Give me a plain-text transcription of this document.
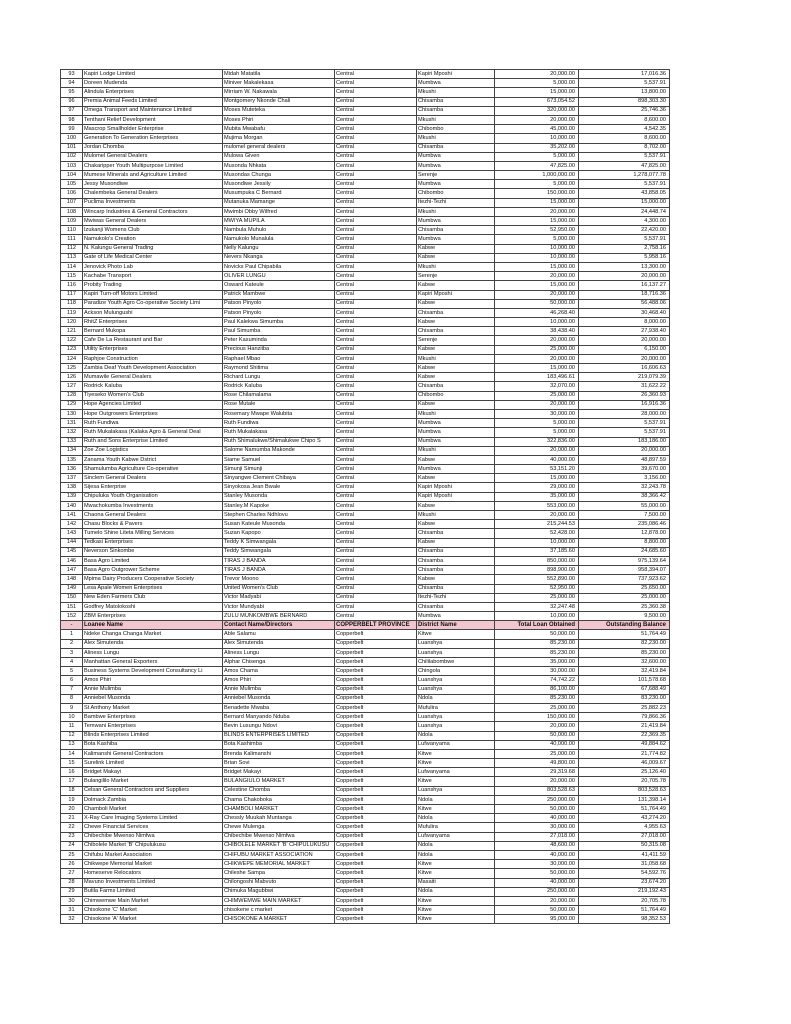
93	Kapiri Lodge Limited	Midah Matatila	Central	Kapiri Mposhi	20,000.00	17,016.36
94	Doreen Mudenda	Miniver Makalekasa	Central	Mumbwa	5,000.00	5,537.91
95	Alindula Enterprises	Mirriam W. Nakawala	Central	Mkushi	15,000.00	13,800.00
96	Premia Animal Feeds Limited	Montgomery Nkonde Chali	Central	Chisamba	673,054.52	898,303.30
97	Omega Transport and Maintenance Limited	Moses Muteteka	Central	Chisamba	320,000.00	25,746.36
98	Tenthani Relief Development	Moses Phiri	Central	Mkushi	20,000.00	8,600.00
99	Mascrop Smallholder Enterprise	Mubita Mwabafu	Central	Chibombo	45,000.00	4,542.35
100	Generation To Generation Enterprises	Mujima Morgan	Central	Mkushi	10,000.00	8,600.00
101	Jordan Chomba	mulomel general dealers	Central	Chisamba	35,202.00	8,702.00
102	Mulomel General Dealers	Mulowa Given	Central	Mumbwa	5,000.00	5,537.91
103	Chakaripper Youth Multipurpose Limited	Musonda Nhkata	Central	Mumbwa	47,825.00	47,825.00
104	Mumese Minerals and Agriculture Limited	Musondas Chunga	Central	Serenje	1,000,000.00	1,278,077.78
105	Jessy Musondiwe	Musondiwe Jessily	Central	Mumbwa	5,000.00	5,537.91
106	Chalembeka General Dealers	Musumpuka C Bernard	Central	Chibombo	150,000.00	43,858.05
107	Puclima Investments	Mutanuka Mamange	Central	Itezhi-Tezhi	15,000.00	15,000.00
108	Wincarp Industries & General Contractors	Mwimbi Obby Wilfred	Central	Mkushi	20,000.00	24,448.74
109	Mwiwas General Dealers	MWIYA MUPILA	Central	Mumbwa	15,000.00	4,300.00
110	Izukanji Womens Club	Nambula Muhulo	Central	Chisamba	52,950.00	22,420.00
111	Namukolo's Creation	Namukolo Munalula	Central	Mumbwa	5,000.00	5,537.91
112	N. Kalungu General Trading	Nelly Kalungu	Central	Kabwe	10,000.00	2,758.16
113	Gate of Life Medical Center	Nevers Nkanga	Central	Kabwe	10,000.00	5,958.16
114	Jenovick Photo Lab	Novicks Paul Chipabila	Central	Mkushi	15,000.00	13,300.00
115	Kachabe Transport	OLIVER LUNGU	Central	Serenje	20,000.00	20,000.00
116	Probity Trading	Osward Kateule	Central	Kabwe	15,000.00	16,137.27
117	Kapiri Turn-off Motors Limited	Patrick Mambwe	Central	Kapiri Mposhi	20,000.00	18,716.36
118	Paradize Youth Agro Co-operative Society Limi	Patson Pinyolo	Central	Kabwe	50,000.00	56,488.06
119	Ackson Mulungushi	Patson Pinyolo	Central	Chisamba	46,268.40	30,468.40
120	RhitZ Enterprises	Paul Kalekwa Simumba	Central	Kabwe	10,000.00	8,000.00
121	Bernard Mukopa	Paul Simumba	Central	Chisamba	38,438.40	27,938.40
122	Cafe De La Restaurant and Bar	Peter Kasuminda	Central	Serenje	20,000.00	20,000.00
123	Utility Enterprises	Precious Hanziiba	Central	Kabwe	25,000.00	6,150.00
124	Raphjoe Construction	Raphael Mbao	Central	Mkushi	20,000.00	20,000.00
125	Zambia Deaf Youth Development Association	Raymond Shitima	Central	Kabwe	15,000.00	16,606.63
126	Mumawile General Dealers	Richard Lungu	Central	Kabwe	183,496.61	219,079.39
127	Rodrick Kaluba	Rodrick Kaluba	Central	Chisamba	32,070.00	31,622.22
128	Tiyeseko Women's Club	Rose Chilamalama	Central	Chibombo	25,000.00	26,360.93
129	Hope Agencies Limited	Rose Mutale	Central	Kabwe	20,000.00	16,916.36
130	Hope Outgrowers Enterprises	Rosemary Mwape Walubita	Central	Mkushi	30,000.00	28,000.00
131	Ruth Fundiwa	Ruth Fundiwa	Central	Mumbwa	5,000.00	5,537.91
132	Ruth Mukalakasa (Kalaka Agro & General Deal	Ruth Mukalakasa	Central	Mumbwa	5,000.00	5,537.91
133	Ruth and Sons Enterprise Limited	Ruth Shimalukwe/Shimalukwe Chipo S	Central	Mumbwa	322,836.00	183,186.00
134	Zoe Zoe Logistics	Salome Namumba Makonde	Central	Mkushi	20,000.00	20,000.00
135	Zanama Youth Kabwe Dstrict	Siame Samuel	Central	Kabwe	40,000.00	48,897.59
136	Shamulumba Agriculture Co-operative	Simunji Simunji	Central	Mumbwa	53,151.20	39,670.00
137	Sinclem General Dealers	Sinyangwe Clement Chibaya	Central	Kabwe	15,000.00	3,156.00
138	Sijesa Enterprise	Sinyokosa Jean Bwale	Central	Kapiri Mposhi	29,000.00	32,243.78
139	Chipuluka Youth Organisation	Stanley Musonda	Central	Kapiri Mposhi	35,000.00	38,366.42
140	Mwachokumba Investments	Stanley.M Kapoke	Central	Kabwe	553,000.00	55,000.00
141	Chaona General Dealers	Stephen Charles Ndhlovu	Central	Mkushi	20,000.00	7,500.00
142	Chasu Blocks & Pavers	Susan Kateule Musonda	Central	Kabwe	215,244.53	235,086.46
143	Tumelo Shine Liteta Milling Services	Suzan Kapopo	Central	Chisamba	52,428.00	12,878.00
144	Tedkasi Enterprises	Teddy K Simwangala	Central	Kabwe	10,000.00	8,800.00
145	Neverson Sinkombe	Teddy Simwangala	Central	Chisamba	37,185.60	24,685.60
146	Basa Agro Limited	TIRAS J BANDA	Central	Chisamba	850,000.00	975,139.64
147	Basa Agro Outgrower Scheme	TIRAS J BANDA	Central	Chisamba	898,900.00	958,394.07
148	Mpima Dairy Producers Cooperative Society	Trevor Moono	Central	Kabwe	552,890.00	737,923.62
149	Lesa Apale Women Enterprises	United Women's Club	Central	Chisamba	52,950.00	25,650.00
150	New Eden Farmers Club	Victor Madyabi	Central	Itezhi-Tezhi	25,000.00	25,000.00
151	Godfrey Matolokoshi	Victor Mundyabi	Central	Chisamba	32,247.48	25,360.38
152	ZBM Enterprises	ZULU MUNKOMBWE BERNARD	Central	Mumbwa	10,000.00	9,500.00
-	Loanee Name	Contact Name/Directors	COPPERBELT PROVINCE	District Name	Total Loan Obtained	Outstanding Balance
1	Ndeke Changa Changa Market	Able Salamu	Copperbelt	Kitwe	50,000.00	51,764.49
2	Alex Simutenda	Alex Simutenda	Copperbelt	Luanshya	85,230.00	82,230.00
3	Aliness Lungu	Aliness Lungu	Copperbelt	Luanshya	85,230.00	85,230.00
4	Manhattan General Exporters	Alphar Chisenga	Copperbelt	Chililabombwe	35,000.00	32,600.00
5	Business Systems Development Consultancy Li	Amos Chama	Copperbelt	Chingola	30,000.00	32,419.84
6	Amos Phiri	Amos Phiri	Copperbelt	Luanshya	74,742.22	101,578.68
7	Annie Mulimba	Annie Mulimba	Copperbelt	Luanshya	86,100.00	67,688.49
8	Anniebel Musonda	Anniebel Musonda	Copperbelt	Ndola	85,230.00	83,230.00
9	St Anthony Market	Benadette Mwaba	Copperbelt	Mufulira	25,000.00	25,882.23
10	Bambwe Enterprises	Bernard Manyando Nduba	Copperbelt	Luanshya	150,000.00	79,866.36
11	Temwani Enterprises	Bevin Lusungu Ndovi	Copperbelt	Luanshya	20,000.00	21,419.84
12	Blinds Enterprises Limited	BLINDS ENTERPRISES LIMITED	Copperbelt	Ndola	50,000.00	22,369.35
13	Bota Kashiba	Bota Kashimba	Copperbelt	Lufwanyama	40,000.00	49,884.62
14	Kalimanshi General Contractors	Brenda Kalimanshi	Copperbelt	Kitwe	25,000.00	21,774.82
15	Surelink Limited	Brian Sovi	Copperbelt	Kitwe	49,800.00	46,009.67
16	Bridget Makayi	Bridget Makayi	Copperbelt	Lufwanyama	29,319.68	25,126.40
17	Bulangililo Market	BULANGIULO MARKET	Copperbelt	Kitwe	20,000.00	20,705.78
18	Celsan General Contractors and Suppliers	Celestine Chomba	Copperbelt	Luanshya	803,528.63	803,528.63
19	Dolmack Zambia	Chama Chakoboka	Copperbelt	Ndola	250,000.00	131,398.14
20	Chamboli Market	CHAMBOLI MARKET	Copperbelt	Kitwe	50,000.00	51,764.49
21	X-Ray Care Imaging Systems Limited	Chessly Muukah Muntanga	Copperbelt	Ndola	40,000.00	43,274.20
22	Chewe Financial Services	Chewe Mulenga	Copperbelt	Mufulira	30,000.00	4,955.63
23	Chibechibe Mwenso Nimfwa	Chibechibe Mwenso Nimfwa	Copperbelt	Lufwanyama	27,018.00	27,018.00
24	Chibolele Market 'B' Chipulukusu	CHIBOLELE MARKET 'B' CHIPULUKUSU	Copperbelt	Ndola	48,600.00	50,315.08
25	Chifubu Market Association	CHIFUBU MARKET ASSOCIATION	Copperbelt	Ndola	40,000.00	41,411.59
26	Chikwepe Memorial Market	CHIKWEPE MEMORIAL MARKET	Copperbelt	Kitwe	30,000.00	31,058.68
27	Homeserve Relocators	Chileshe Sampa	Copperbelt	Kitwe	50,000.00	54,592.76
28	Mavuno Investments Limited	Chilongoshi Mabvuto	Copperbelt	Masaiti	40,000.00	23,674.20
29	Butila Farms Limited	Chimuka Magubbwi	Copperbelt	Ndola	250,000.00	219,192.43
30	Chimwemwe Main Market	CHIMWEMWE MAIN MARKET	Copperbelt	Kitwe	20,000.00	20,705.78
31	Chisokone 'C' Market	chisokene c market	Copperbelt	Kitwe	50,000.00	51,764.49
32	Chisokone 'A' Market	CHISOKONE A MARKET	Copperbelt	Kitwe	95,000.00	98,352.53
